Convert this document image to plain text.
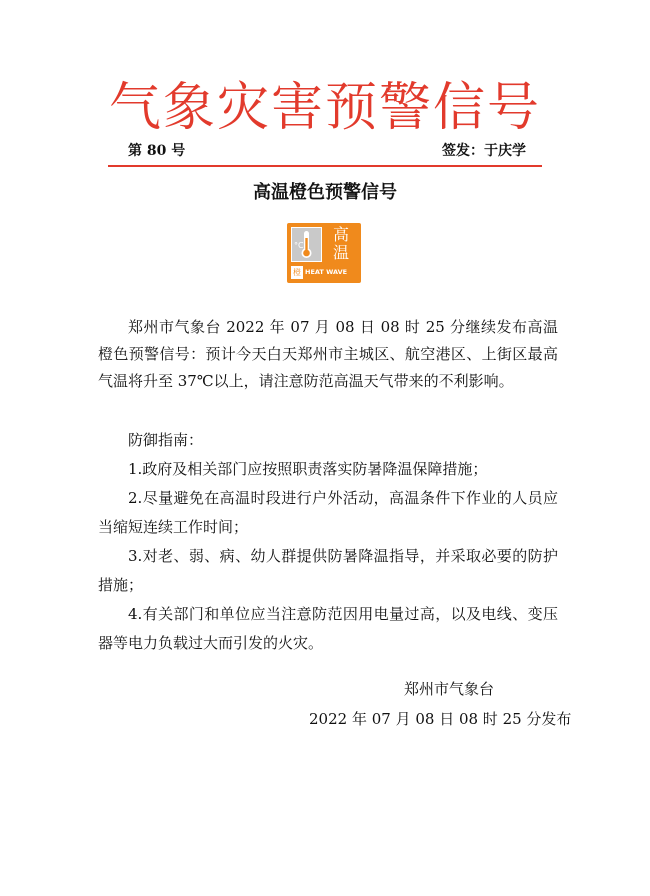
气象灾害预警信号
第 80 号	签发：于庆学
高温橙色预警信号
°C
高
温
橙 HEAT WAVE

郑州市气象台 2022 年 07 月 08 日 08 时 25 分继续发布高温橙色预警信号：预计今天白天郑州市主城区、航空港区、上街区最高气温将升至 37℃以上，请注意防范高温天气带来的不利影响。

防御指南：

1.政府及相关部门应按照职责落实防暑降温保障措施；

2.尽量避免在高温时段进行户外活动，高温条件下作业的人员应当缩短连续工作时间；

3.对老、弱、病、幼人群提供防暑降温指导，并采取必要的防护措施；

4.有关部门和单位应当注意防范因用电量过高，以及电线、变压器等电力负载过大而引发的火灾。

郑州市气象台
2022 年 07 月 08 日 08 时 25 分发布
